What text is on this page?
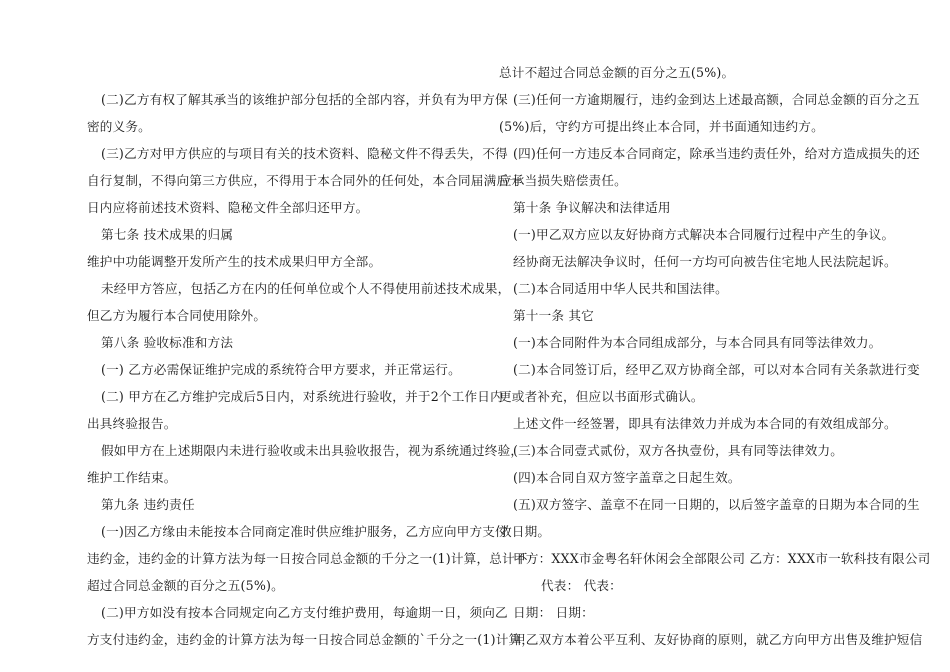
(二)乙方有权了解其承当的该维护部分包括的全部内容，并负有为甲方保
密的义务。
(三)乙方对甲方供应的与项目有关的技术资料、隐秘文件不得丢失，不得
自行复制，不得向第三方供应，不得用于本合同外的任何处，本合同届满后十
日内应将前述技术资料、隐秘文件全部归还甲方。
第七条 技术成果的归属
维护中功能调整开发所产生的技术成果归甲方全部。
未经甲方答应，包括乙方在内的任何单位或个人不得使用前述技术成果，
但乙方为履行本合同使用除外。
第八条 验收标准和方法
(一) 乙方必需保证维护完成的系统符合甲方要求，并正常运行。
(二) 甲方在乙方维护完成后5日内，对系统进行验收，并于2个工作日内
出具终验报告。
假如甲方在上述期限内未进行验收或未出具验收报告，视为系统通过终验，
维护工作结束。
第九条 违约责任
(一)因乙方缘由未能按本合同商定准时供应维护服务，乙方应向甲方支付
违约金，违约金的计算方法为每一日按合同总金额的千分之一(1)计算，总计不
超过合同总金额的百分之五(5%)。
(二)甲方如没有按本合同规定向乙方支付维护费用，每逾期一日，须向乙
方支付违约金，违约金的计算方法为每一日按合同总金额的`千分之一(1)计算，
总计不超过合同总金额的百分之五(5%)。
(三)任何一方逾期履行，违约金到达上述最高额，合同总金额的百分之五
(5%)后，守约方可提出终止本合同，并书面通知违约方。
(四)任何一方违反本合同商定，除承当违约责任外，给对方造成损失的还
应承当损失赔偿责任。
第十条 争议解决和法律适用
(一)甲乙双方应以友好协商方式解决本合同履行过程中产生的争议。
经协商无法解决争议时，任何一方均可向被告住宅地人民法院起诉。
(二)本合同适用中华人民共和国法律。
第十一条 其它
(一)本合同附件为本合同组成部分，与本合同具有同等法律效力。
(二)本合同签订后，经甲乙双方协商全部，可以对本合同有关条款进行变
更或者补充，但应以书面形式确认。
上述文件一经签署，即具有法律效力并成为本合同的有效组成部分。
(三)本合同壹式贰份，双方各执壹份，具有同等法律效力。
(四)本合同自双方签字盖章之日起生效。
(五)双方签字、盖章不在同一日期的，以后签字盖章的日期为本合同的生
效日期。
甲方：XXX市金粤名轩休闲会全部限公司 乙方：XXX市一软科技有限公司
代表： 代表：
日期： 日期：
甲乙双方本着公平互利、友好协商的原则，就乙方向甲方出售及维护短信
